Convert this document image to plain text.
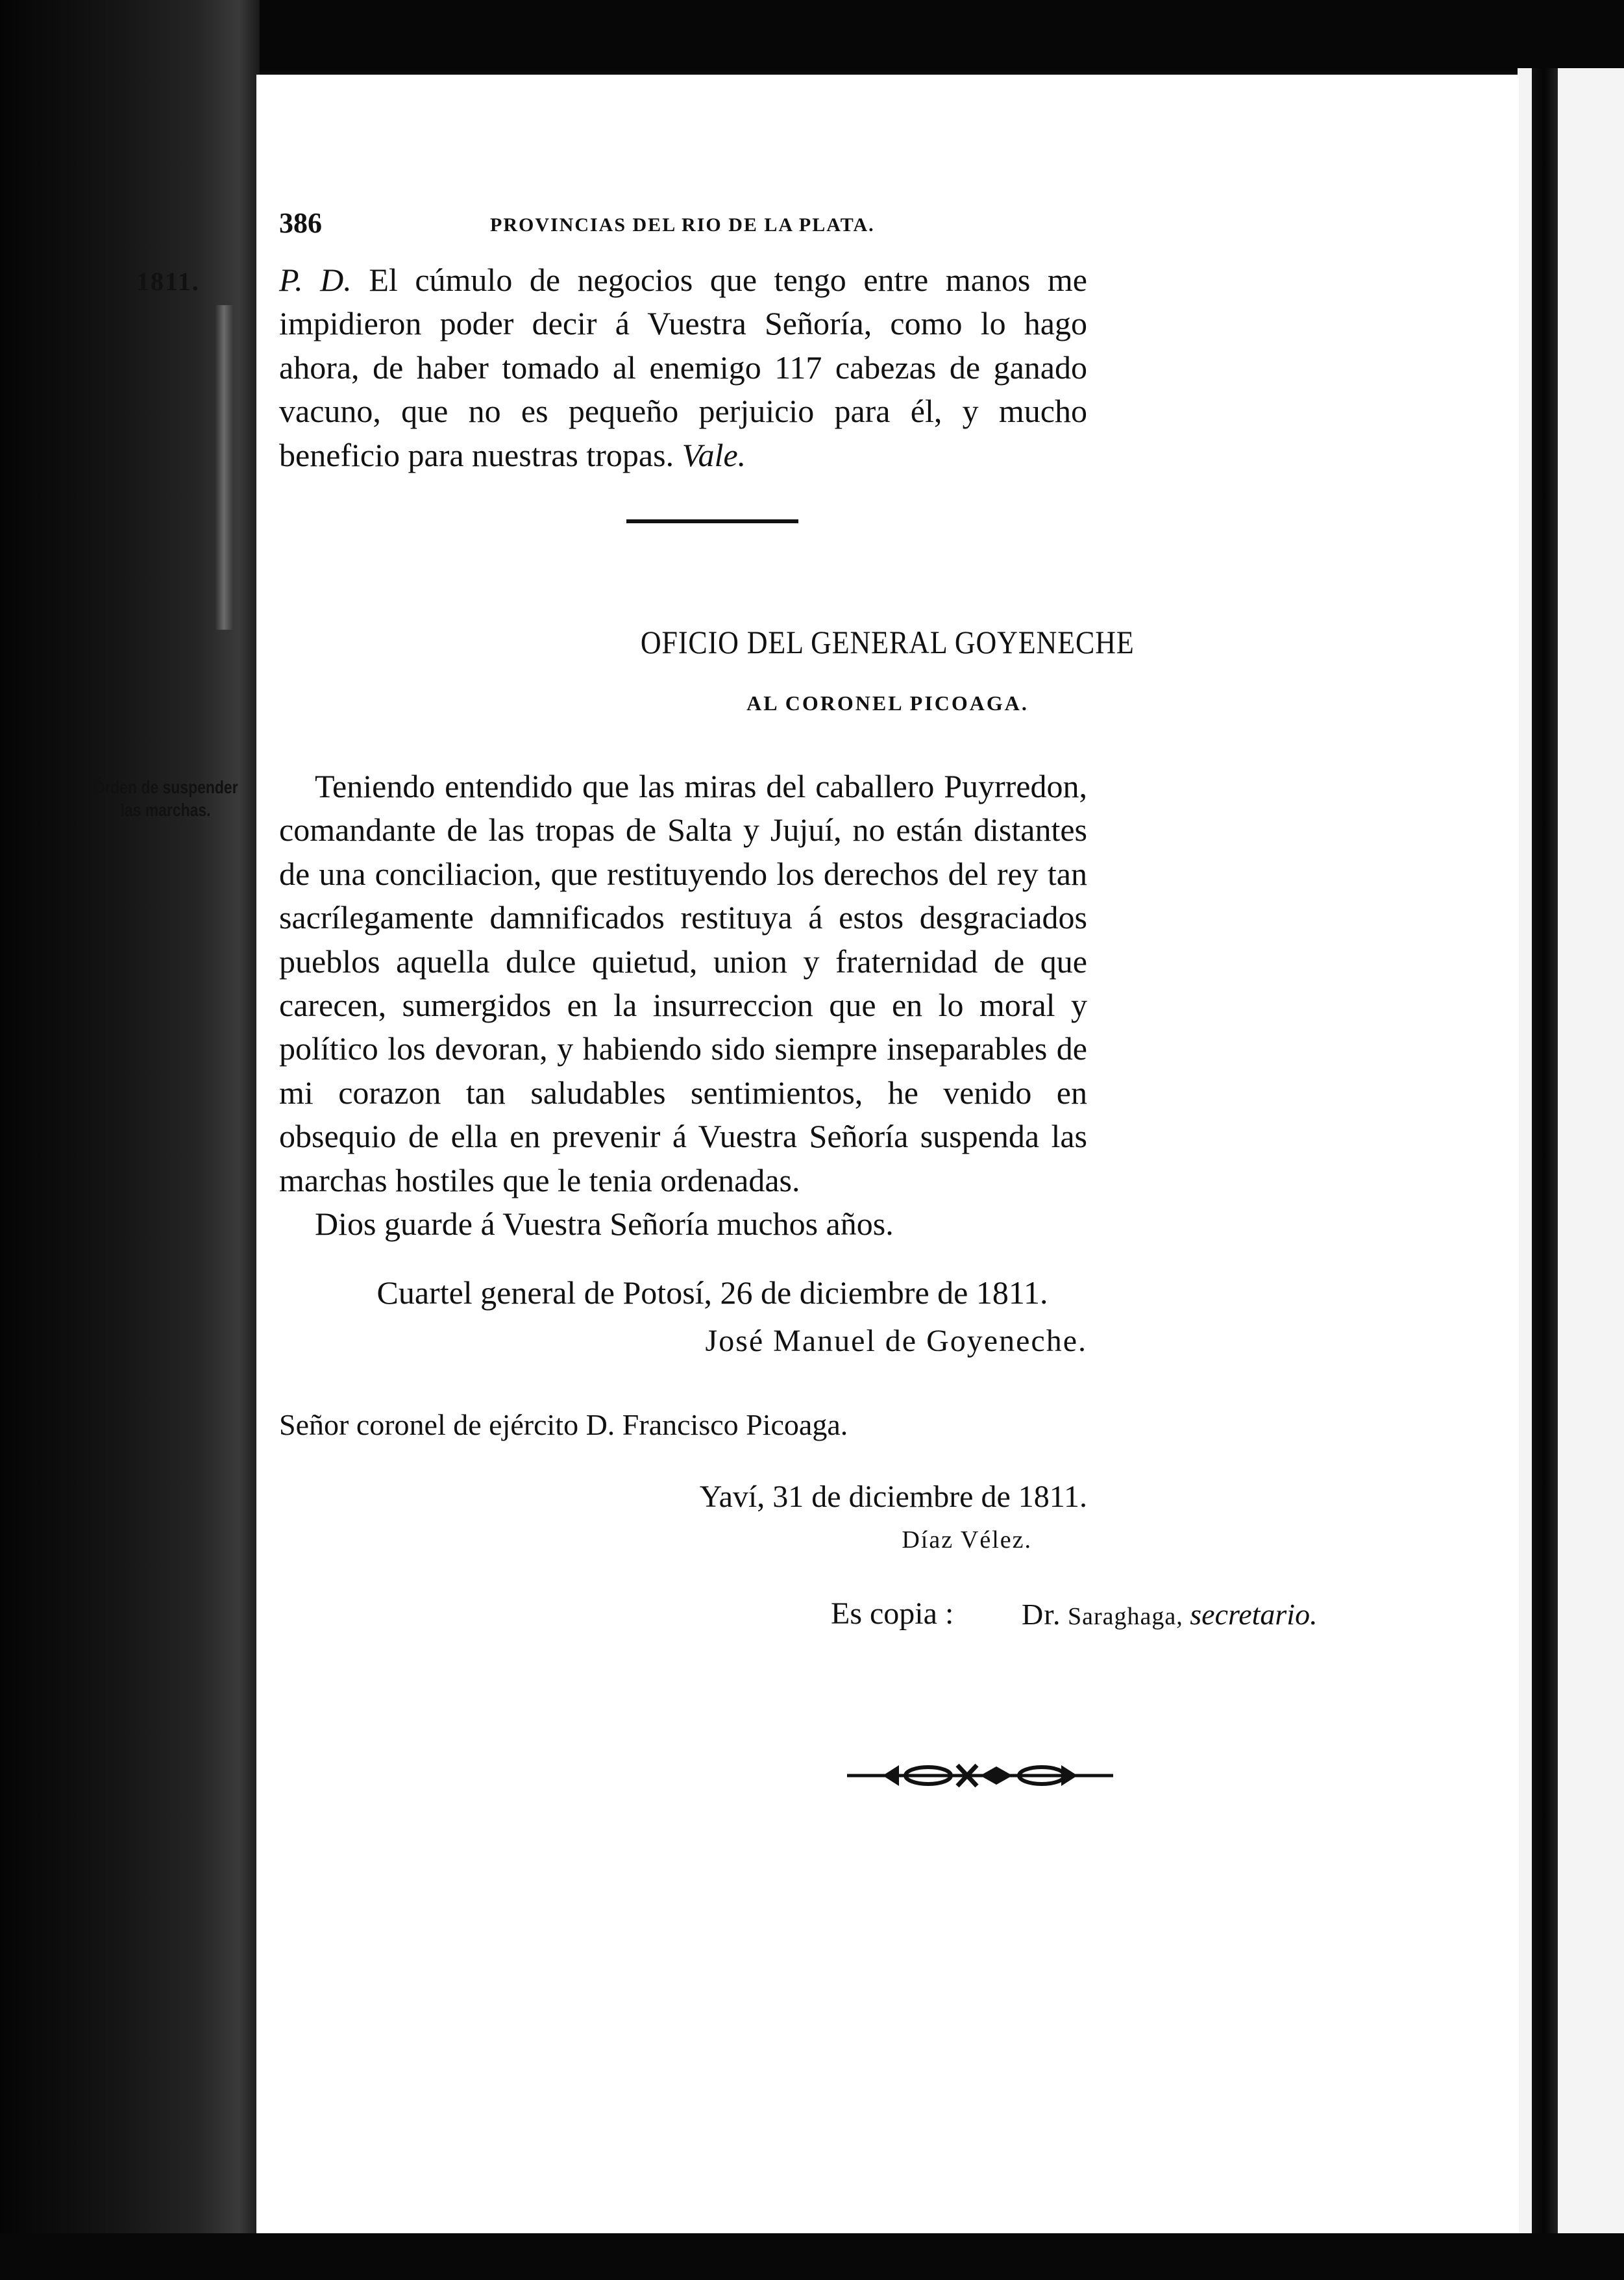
386	PROVINCIAS DEL RIO DE LA PLATA.
1811.
Órden de suspender las marchas.
P. D. El cúmulo de negocios que tengo entre manos me impidieron poder decir á Vuestra Señoría, como lo hago ahora, de haber tomado al enemigo 117 cabezas de ganado vacuno, que no es pequeño perjuicio para él, y mucho beneficio para nuestras tropas. Vale.
OFICIO DEL GENERAL GOYENECHE
AL CORONEL PICOAGA.
Teniendo entendido que las miras del caballero Puyrredon, comandante de las tropas de Salta y Jujuí, no están distantes de una conciliacion, que restituyendo los derechos del rey tan sacrílegamente damnificados restituya á estos desgraciados pueblos aquella dulce quietud, union y fraternidad de que carecen, sumergidos en la insurreccion que en lo moral y político los devoran, y habiendo sido siempre inseparables de mi corazon tan saludables sentimientos, he venido en obsequio de ella en prevenir á Vuestra Señoría suspenda las marchas hostiles que le tenia ordenadas.
Dios guarde á Vuestra Señoría muchos años.
Cuartel general de Potosí, 26 de diciembre de 1811.
José Manuel de Goyeneche.
Señor coronel de ejército D. Francisco Picoaga.
Yaví, 31 de diciembre de 1811.
Díaz Vélez.
Es copia : Dr. Saraghaga, secretario.
